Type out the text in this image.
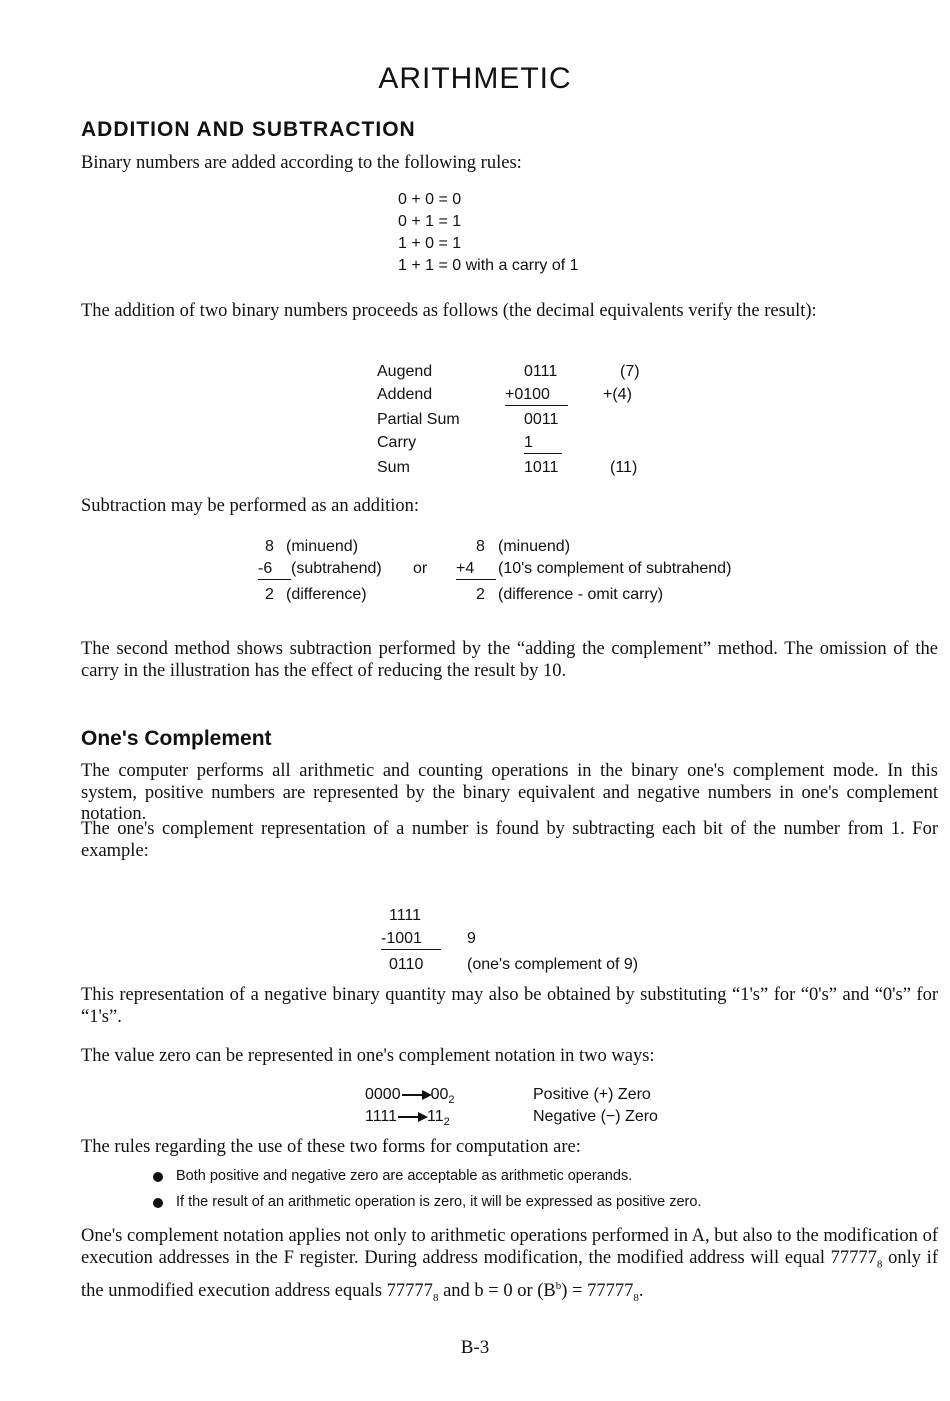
ARITHMETIC
ADDITION AND SUBTRACTION
Binary numbers are added according to the following rules:
0 + 0 = 0
0 + 1 = 1
1 + 0 = 1
1 + 1 = 0 with a carry of 1
The addition of two binary numbers proceeds as follows (the decimal equivalents verify the result):
Augend
Addend
Partial Sum
Carry
Sum
0111
+0100
0011
1
1011
(7)
+(4)
(11)
Subtraction may be performed as an addition:
8
-6
2
(minuend)
(subtrahend)
(difference)
or
8
+4
2
(minuend)
(10's complement of subtrahend)
(difference - omit carry)
The second method shows subtraction performed by the “adding the complement” method. The omission of the carry in the illustration has the effect of reducing the result by 10.
One's Complement
The computer performs all arithmetic and counting operations in the binary one's complement mode. In this system, positive numbers are represented by the binary equivalent and negative numbers in one's complement notation.
The one's complement representation of a number is found by subtracting each bit of the number from 1. For example:
1111
-1001
0110
9
(one's complement of 9)
This representation of a negative binary quantity may also be obtained by substituting “1's” for “0's” and “0's” for “1's”.
The value zero can be represented in one's complement notation in two ways:
0000 $00_2$
1111 $11_2$
Positive (+) Zero
Negative (−) Zero
The rules regarding the use of these two forms for computation are:
Both positive and negative zero are acceptable as arithmetic operands.
If the result of an arithmetic operation is zero, it will be expressed as positive zero.
One's complement notation applies not only to arithmetic operations performed in A, but also to the modification of execution addresses in the F register. During address modification, the modified address will equal $77777_8$ only if the unmodified execution address equals $77777_8$ and b = 0 or $(B^b) = 77777_8$.
B-3
